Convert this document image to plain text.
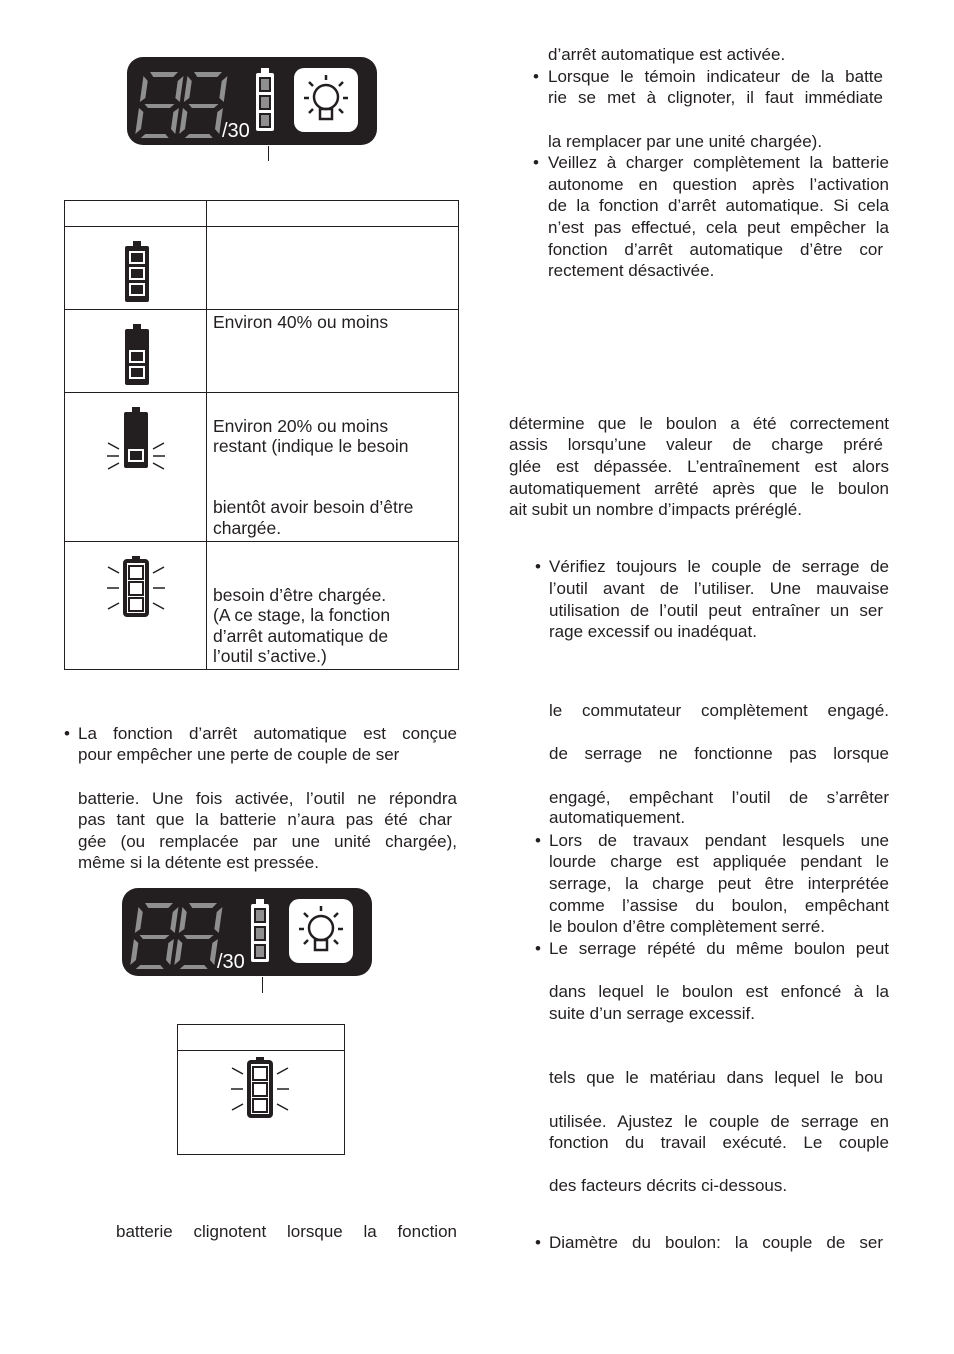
/30
Environ 40% ou moins
Environ 20% ou moins
restant (indique le besoin
bientôt avoir besoin d’être
chargée.
besoin d’être chargée.
(A ce stage, la fonction
d’arrêt automatique de
l’outil s’active.)
• La fonction d’arrêt automatique est conçue
pour empêcher une perte de couple de ser
batterie. Une fois activée, l’outil ne répondra
pas tant que la batterie n’aura pas été char
gée (ou remplacée par une unité chargée),
même si la détente est pressée.
/30
batterie clignotent lorsque la fonction
d’arrêt automatique est activée.
• Lorsque le témoin indicateur de la batte
rie se met à clignoter, il faut immédiate
la remplacer par une unité chargée).
• Veillez à charger complètement la batterie
autonome en question après l’activation
de la fonction d’arrêt automatique. Si cela
n’est pas effectué, cela peut empêcher la
fonction d’arrêt automatique d’être cor
rectement désactivée.
détermine que le boulon a été correctement
assis lorsqu’une valeur de charge préré
glée est dépassée. L’entraînement est alors
automatiquement arrêté après que le boulon
ait subit un nombre d’impacts préréglé.
• Vérifiez toujours le couple de serrage de
l’outil avant de l’utiliser. Une mauvaise
utilisation de l’outil peut entraîner un ser
rage excessif ou inadéquat.
le commutateur complètement engagé.
de serrage ne fonctionne pas lorsque
engagé, empêchant l’outil de s’arrêter
automatiquement.
• Lors de travaux pendant lesquels une
lourde charge est appliquée pendant le
serrage, la charge peut être interprétée
comme l’assise du boulon, empêchant
le boulon d’être complètement serré.
• Le serrage répété du même boulon peut
dans lequel le boulon est enfoncé à la
suite d’un serrage excessif.
tels que le matériau dans lequel le bou
utilisée. Ajustez le couple de serrage en
fonction du travail exécuté. Le couple
des facteurs décrits ci-dessous.
• Diamètre du boulon: la couple de ser
